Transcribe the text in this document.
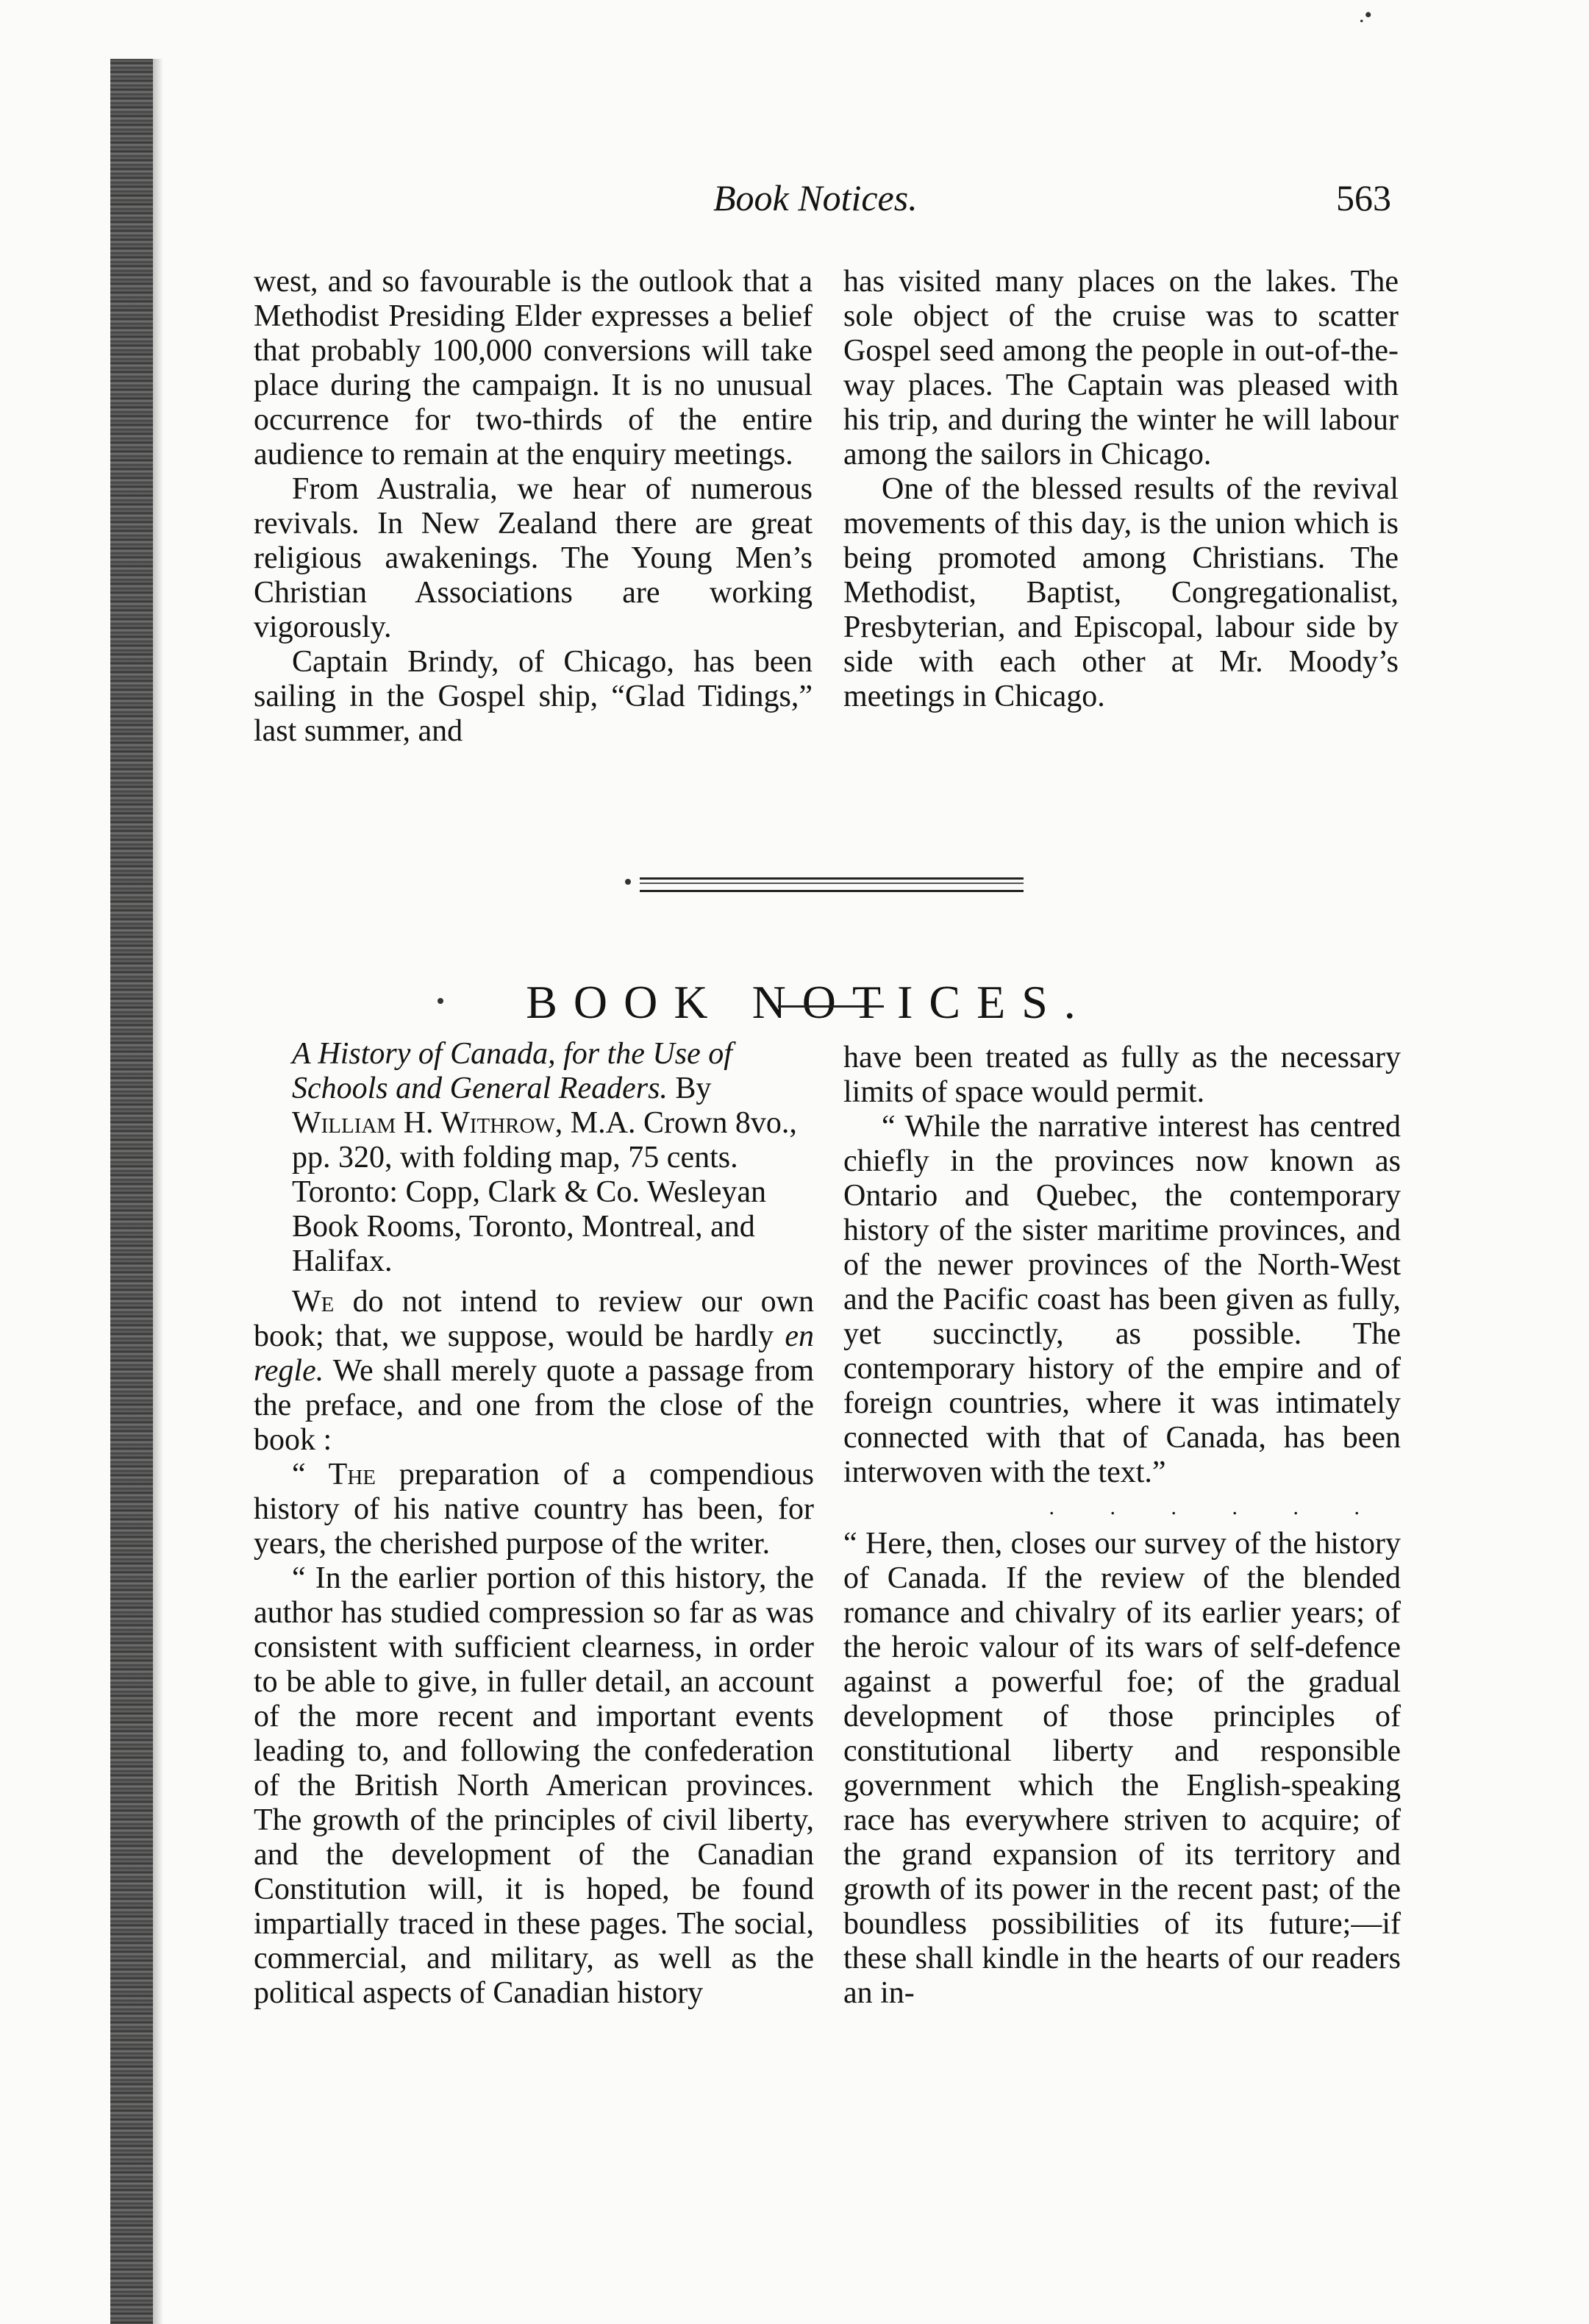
.•
Book Notices.	563

west, and so favourable is the outlook that a Methodist Presiding Elder expresses a belief that probably 100,000 conversions will take place during the campaign. It is no unusual occurrence for two-thirds of the entire audience to remain at the enquiry meetings.

From Australia, we hear of numerous revivals. In New Zealand there are great religious awakenings. The Young Men’s Christian Associations are working vigorously.

Captain Brindy, of Chicago, has been sailing in the Gospel ship, “Glad Tidings,” last summer, and

has visited many places on the lakes. The sole object of the cruise was to scatter Gospel seed among the people in out-of-the-way places. The Captain was pleased with his trip, and during the winter he will labour among the sailors in Chicago.

One of the blessed results of the revival movements of this day, is the union which is being promoted among Christians. The Methodist, Baptist, Congregationalist, Presbyterian, and Episcopal, labour side by side with each other at Mr. Moody’s meetings in Chicago.

BOOK NOTICES.

A History of Canada, for the Use of Schools and General Readers. By William H. Withrow, M.A. Crown 8vo., pp. 320, with folding map, 75 cents. Toronto: Copp, Clark & Co. Wesleyan Book Rooms, Toronto, Montreal, and Halifax.

We do not intend to review our own book; that, we suppose, would be hardly en regle. We shall merely quote a passage from the preface, and one from the close of the book :

“ The preparation of a compendious history of his native country has been, for years, the cherished purpose of the writer.

“ In the earlier portion of this history, the author has studied compression so far as was consistent with sufficient clearness, in order to be able to give, in fuller detail, an account of the more recent and important events leading to, and following the confederation of the British North American provinces. The growth of the principles of civil liberty, and the development of the Canadian Constitution will, it is hoped, be found impartially traced in these pages. The social, commercial, and military, as well as the political aspects of Canadian history

have been treated as fully as the necessary limits of space would permit.

“ While the narrative interest has centred chiefly in the provinces now known as Ontario and Quebec, the contemporary history of the sister maritime provinces, and of the newer provinces of the North-West and the Pacific coast has been given as fully, yet succinctly, as possible. The contemporary history of the empire and of foreign countries, where it was intimately connected with that of Canada, has been interwoven with the text.”

. . . . . .

“ Here, then, closes our survey of the history of Canada. If the review of the blended romance and chivalry of its earlier years; of the heroic valour of its wars of self-defence against a powerful foe; of the gradual development of those principles of constitutional liberty and responsible government which the English-speaking race has everywhere striven to acquire; of the grand expansion of its territory and growth of its power in the recent past; of the boundless possibilities of its future;—if these shall kindle in the hearts of our readers an in-
